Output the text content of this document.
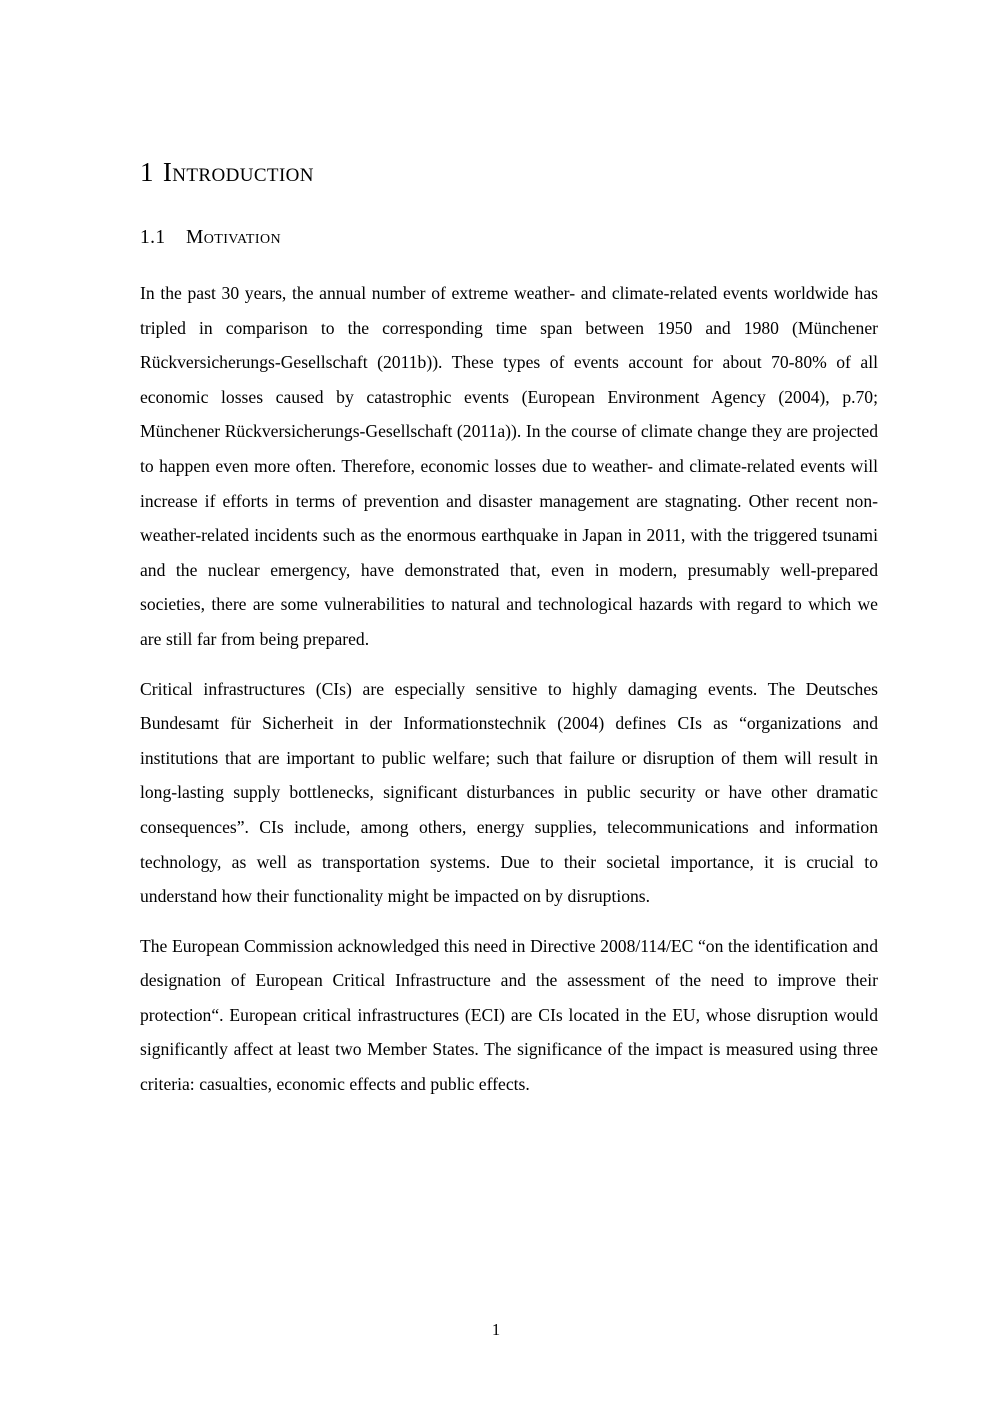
1 Introduction
1.1 Motivation

In the past 30 years, the annual number of extreme weather- and climate-related events worldwide has tripled in comparison to the corresponding time span between 1950 and 1980 (Münchener Rückversicherungs-Gesellschaft (2011b)). These types of events account for about 70-80% of all economic losses caused by catastrophic events (European Environment Agency (2004), p.70; Münchener Rückversicherungs-Gesellschaft (2011a)). In the course of climate change they are projected to happen even more often. Therefore, economic losses due to weather- and climate-related events will increase if efforts in terms of prevention and disaster management are stagnating. Other recent non-weather-related incidents such as the enormous earthquake in Japan in 2011, with the triggered tsunami and the nuclear emergency, have demonstrated that, even in modern, presumably well-prepared societies, there are some vulnerabilities to natural and technological hazards with regard to which we are still far from being prepared.

Critical infrastructures (CIs) are especially sensitive to highly damaging events. The Deutsches Bundesamt für Sicherheit in der Informationstechnik (2004) defines CIs as “organizations and institutions that are important to public welfare; such that failure or disruption of them will result in long-lasting supply bottlenecks, significant disturbances in public security or have other dramatic consequences”. CIs include, among others, energy supplies, telecommunications and information technology, as well as transportation systems. Due to their societal importance, it is crucial to understand how their functionality might be impacted on by disruptions.

The European Commission acknowledged this need in Directive 2008/114/EC “on the identification and designation of European Critical Infrastructure and the assessment of the need to improve their protection“. European critical infrastructures (ECI) are CIs located in the EU, whose disruption would significantly affect at least two Member States. The significance of the impact is measured using three criteria: casualties, economic effects and public effects.

1
